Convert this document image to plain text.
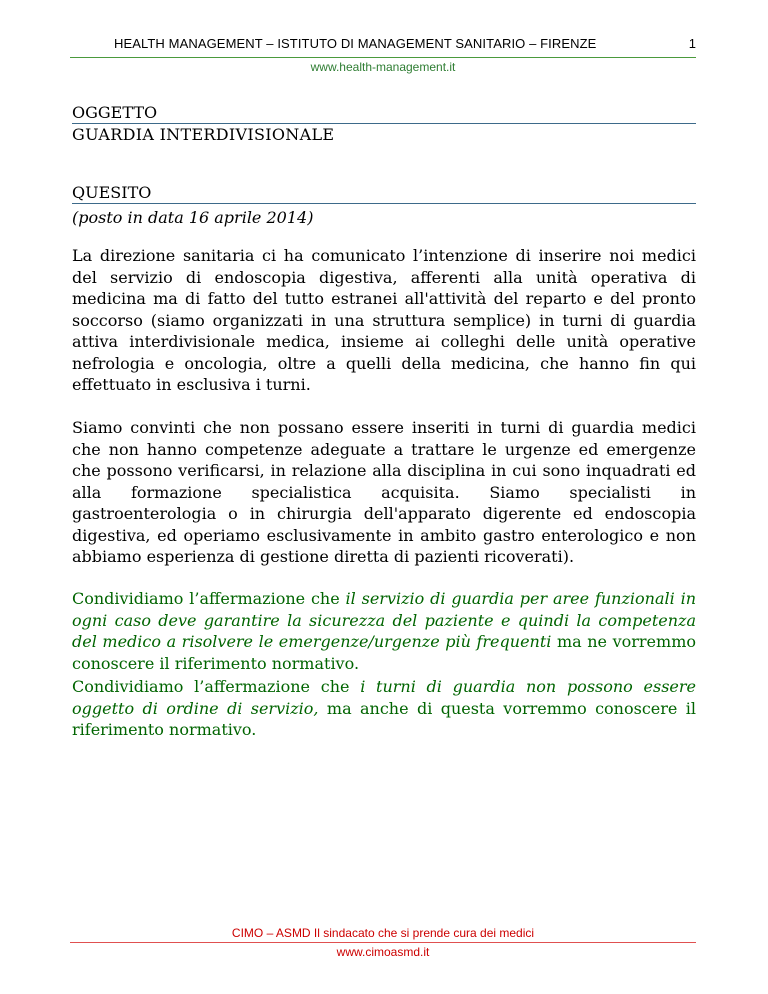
HEALTH MANAGEMENT – ISTITUTO DI MANAGEMENT SANITARIO – FIRENZE	1
www.health-management.it
OGGETTO
GUARDIA INTERDIVISIONALE
QUESITO
(posto in data 16 aprile 2014)

La direzione sanitaria ci ha comunicato l’intenzione di inserire noi medici del servizio di endoscopia digestiva, afferenti alla unità operativa di medicina ma di fatto del tutto estranei all'attività del reparto e del pronto soccorso (siamo organizzati in una struttura semplice) in turni di guardia attiva interdivisionale medica, insieme ai colleghi delle unità operative nefrologia e oncologia, oltre a quelli della medicina, che hanno fin qui effettuato in esclusiva i turni.

Siamo convinti che non possano essere inseriti in turni di guardia medici che non hanno competenze adeguate a trattare le urgenze ed emergenze che possono verificarsi, in relazione alla disciplina in cui sono inquadrati ed alla formazione specialistica acquisita. Siamo specialisti in gastroenterologia o in chirurgia dell'apparato digerente ed endoscopia digestiva, ed operiamo esclusivamente in ambito gastro enterologico e non abbiamo esperienza di gestione diretta di pazienti ricoverati).

Condividiamo l’affermazione che il servizio di guardia per aree funzionali in ogni caso deve garantire la sicurezza del paziente e quindi la competenza del medico a risolvere le emergenze/urgenze più frequenti ma ne vorremmo conoscere il riferimento normativo.

Condividiamo l’affermazione che i turni di guardia non possono essere oggetto di ordine di servizio, ma anche di questa vorremmo conoscere il riferimento normativo.

CIMO – ASMD Il sindacato che si prende cura dei medici
www.cimoasmd.it
